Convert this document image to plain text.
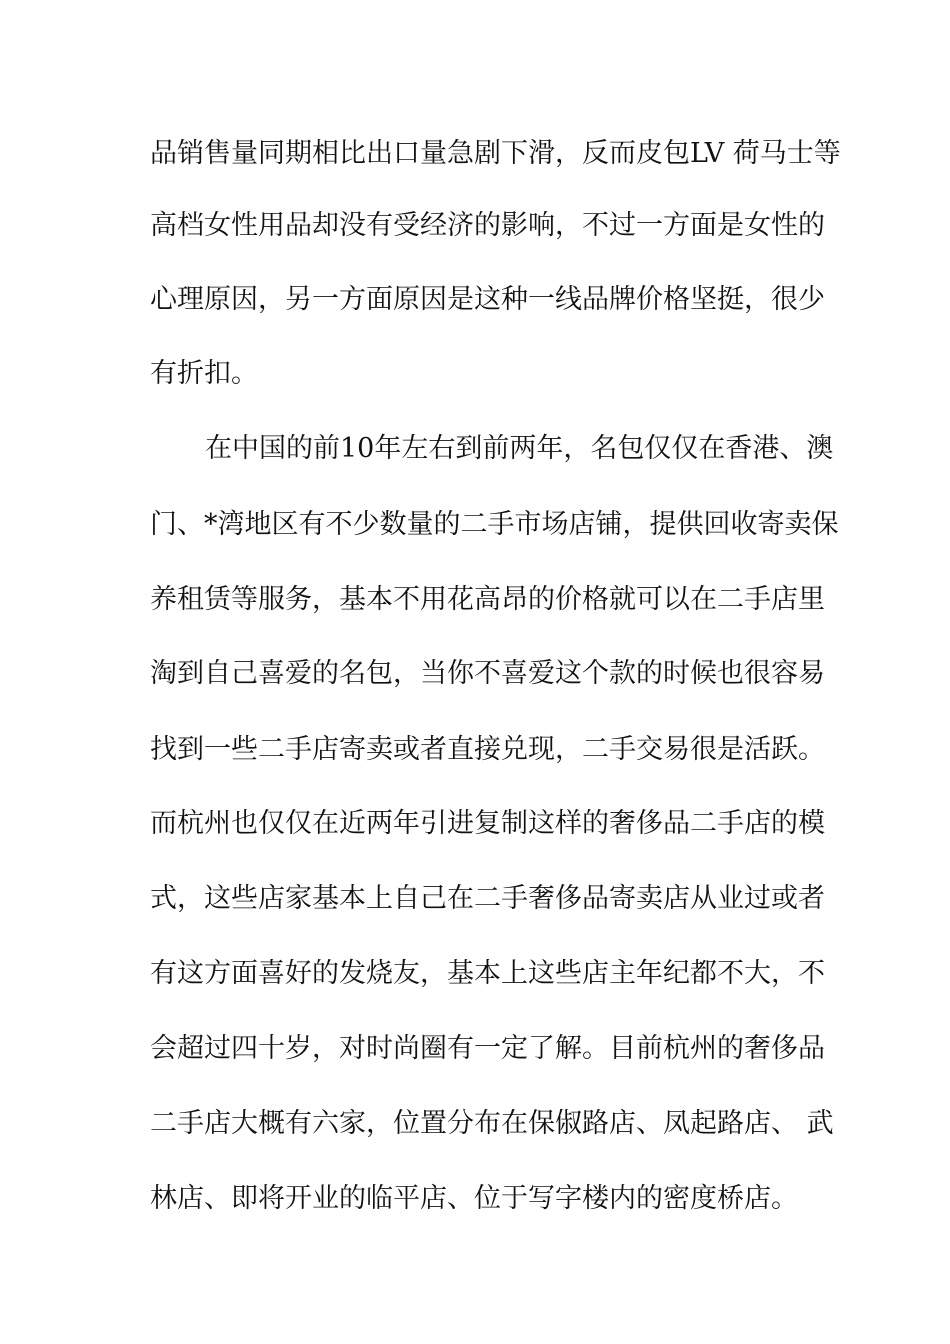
品销售量同期相比出口量急剧下滑，反而皮包LV 荷马士等
高档女性用品却没有受经济的影响，不过一方面是女性的
心理原因，另一方面原因是这种一线品牌价格坚挺，很少
有折扣。
在中国的前10年左右到前两年，名包仅仅在香港、澳
门、*湾地区有不少数量的二手市场店铺，提供回收寄卖保
养租赁等服务，基本不用花高昂的价格就可以在二手店里
淘到自己喜爱的名包，当你不喜爱这个款的时候也很容易
找到一些二手店寄卖或者直接兑现，二手交易很是活跃。
而杭州也仅仅在近两年引进复制这样的奢侈品二手店的模
式，这些店家基本上自己在二手奢侈品寄卖店从业过或者
有这方面喜好的发烧友，基本上这些店主年纪都不大，不
会超过四十岁，对时尚圈有一定了解。目前杭州的奢侈品
二手店大概有六家，位置分布在保俶路店、凤起路店、 武
林店、即将开业的临平店、位于写字楼内的密度桥店。
